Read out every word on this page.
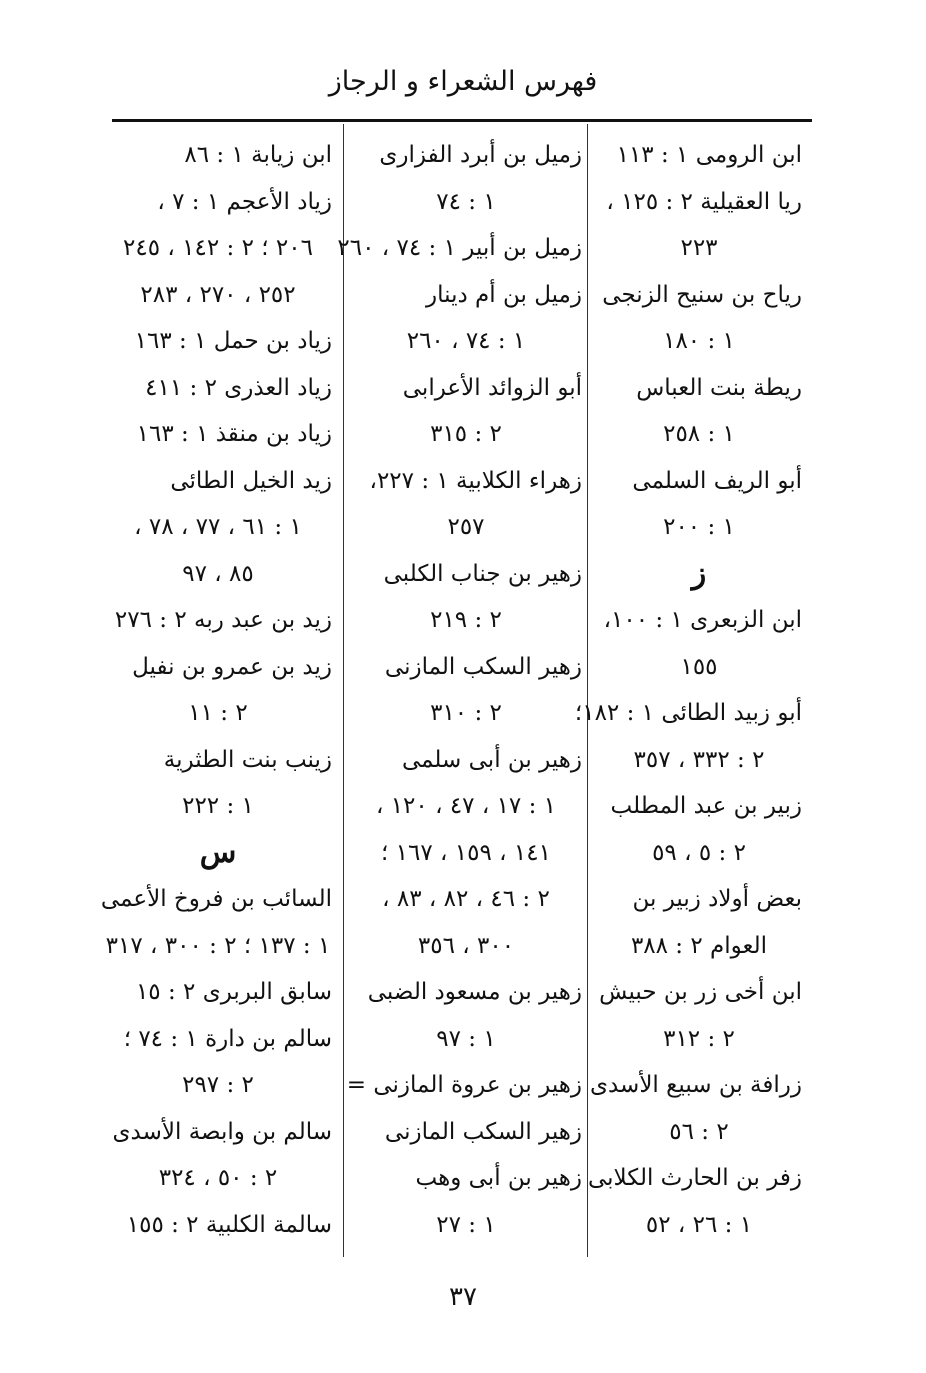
فهرس الشعراء و الرجاز
ابن الرومى ١ : ١١٣
ريا العقيلية ٢ : ١٢٥ ،
٢٢٣
رياح بن سنيح الزنجى
١ : ١٨٠
ريطة بنت العباس
١ : ٢٥٨
أبو الريف السلمى
١ : ٢٠٠
ز
ابن الزبعرى ١ : ١٠٠،
١٥٥
أبو زبيد الطائى ١ : ١٨٢؛
٢ : ٣٣٢ ، ٣٥٧
زبير بن عبد المطلب
٢ : ٥ ، ٥٩
بعض أولاد زبير بن
العوام ٢ : ٣٨٨
ابن أخى زر بن حبيش
٢ : ٣١٢
زرافة بن سبيع الأسدى
٢ : ٥٦
زفر بن الحارث الكلابى
١ : ٢٦ ، ٥٢
زميل بن أبرد الفزارى
١ : ٧٤
زميل بن أبير ١ : ٧٤ ، ٢٦٠
زميل بن أم دينار
١ : ٧٤ ، ٢٦٠
أبو الزوائد الأعرابى
٢ : ٣١٥
زهراء الكلابية ١ : ٢٢٧،
٢٥٧
زهير بن جناب الكلبى
٢ : ٢١٩
زهير السكب المازنى
٢ : ٣١٠
زهير بن أبى سلمى
١ : ١٧ ، ٤٧ ، ١٢٠ ،
١٤١ ، ١٥٩ ، ١٦٧ ؛
٢ : ٤٦ ، ٨٢ ، ٨٣ ،
٣٠٠ ، ٣٥٦
زهير بن مسعود الضبى
١ : ٩٧
زهير بن عروة المازنى =
زهير السكب المازنى
زهير بن أبى وهب
١ : ٢٧
ابن زيابة ١ : ٨٦
زياد الأعجم ١ : ٧ ،
٢٠٦ ؛ ٢ : ١٤٢ ، ٢٤٥
٢٥٢ ، ٢٧٠ ، ٢٨٣
زياد بن حمل ١ : ١٦٣
زياد العذرى ٢ : ٤١١
زياد بن منقذ ١ : ١٦٣
زيد الخيل الطائى
١ : ٦١ ، ٧٧ ، ٧٨ ،
٨٥ ، ٩٧
زيد بن عبد ربه ٢ : ٢٧٦
زيد بن عمرو بن نفيل
٢ : ١١
زينب بنت الطثرية
١ : ٢٢٢
س
السائب بن فروخ الأعمى
١ : ١٣٧ ؛ ٢ : ٣٠٠ ، ٣١٧
سابق البربرى ٢ : ١٥
سالم بن دارة ١ : ٧٤ ؛
٢ : ٢٩٧
سالم بن وابصة الأسدى
٢ : ٥٠ ، ٣٢٤
سالمة الكلبية ٢ : ١٥٥
٣٧
